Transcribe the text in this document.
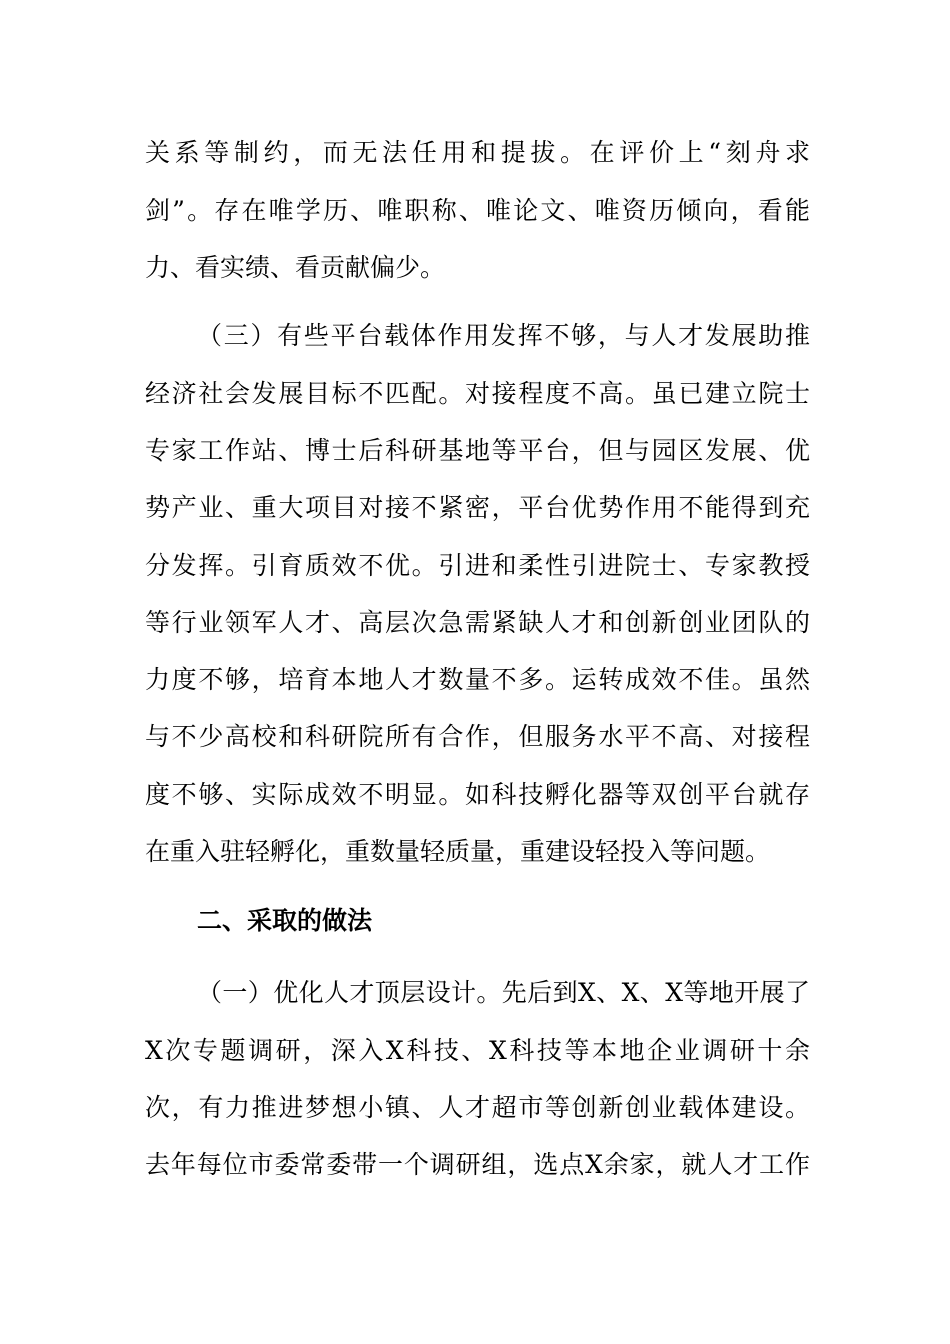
关系等制约，而无法任用和提拔。在评价上“刻舟求
剑”。存在唯学历、唯职称、唯论文、唯资历倾向，看能
力、看实绩、看贡献偏少。
（三）有些平台载体作用发挥不够，与人才发展助推
经济社会发展目标不匹配。对接程度不高。虽已建立院士
专家工作站、博士后科研基地等平台，但与园区发展、优
势产业、重大项目对接不紧密，平台优势作用不能得到充
分发挥。引育质效不优。引进和柔性引进院士、专家教授
等行业领军人才、高层次急需紧缺人才和创新创业团队的
力度不够，培育本地人才数量不多。运转成效不佳。虽然
与不少高校和科研院所有合作，但服务水平不高、对接程
度不够、实际成效不明显。如科技孵化器等双创平台就存
在重入驻轻孵化，重数量轻质量，重建设轻投入等问题。
二、采取的做法
（一）优化人才顶层设计。先后到X、X、X等地开展了
X次专题调研，深入X科技、X科技等本地企业调研十余
次，有力推进梦想小镇、人才超市等创新创业载体建设。
去年每位市委常委带一个调研组，选点X余家，就人才工作
